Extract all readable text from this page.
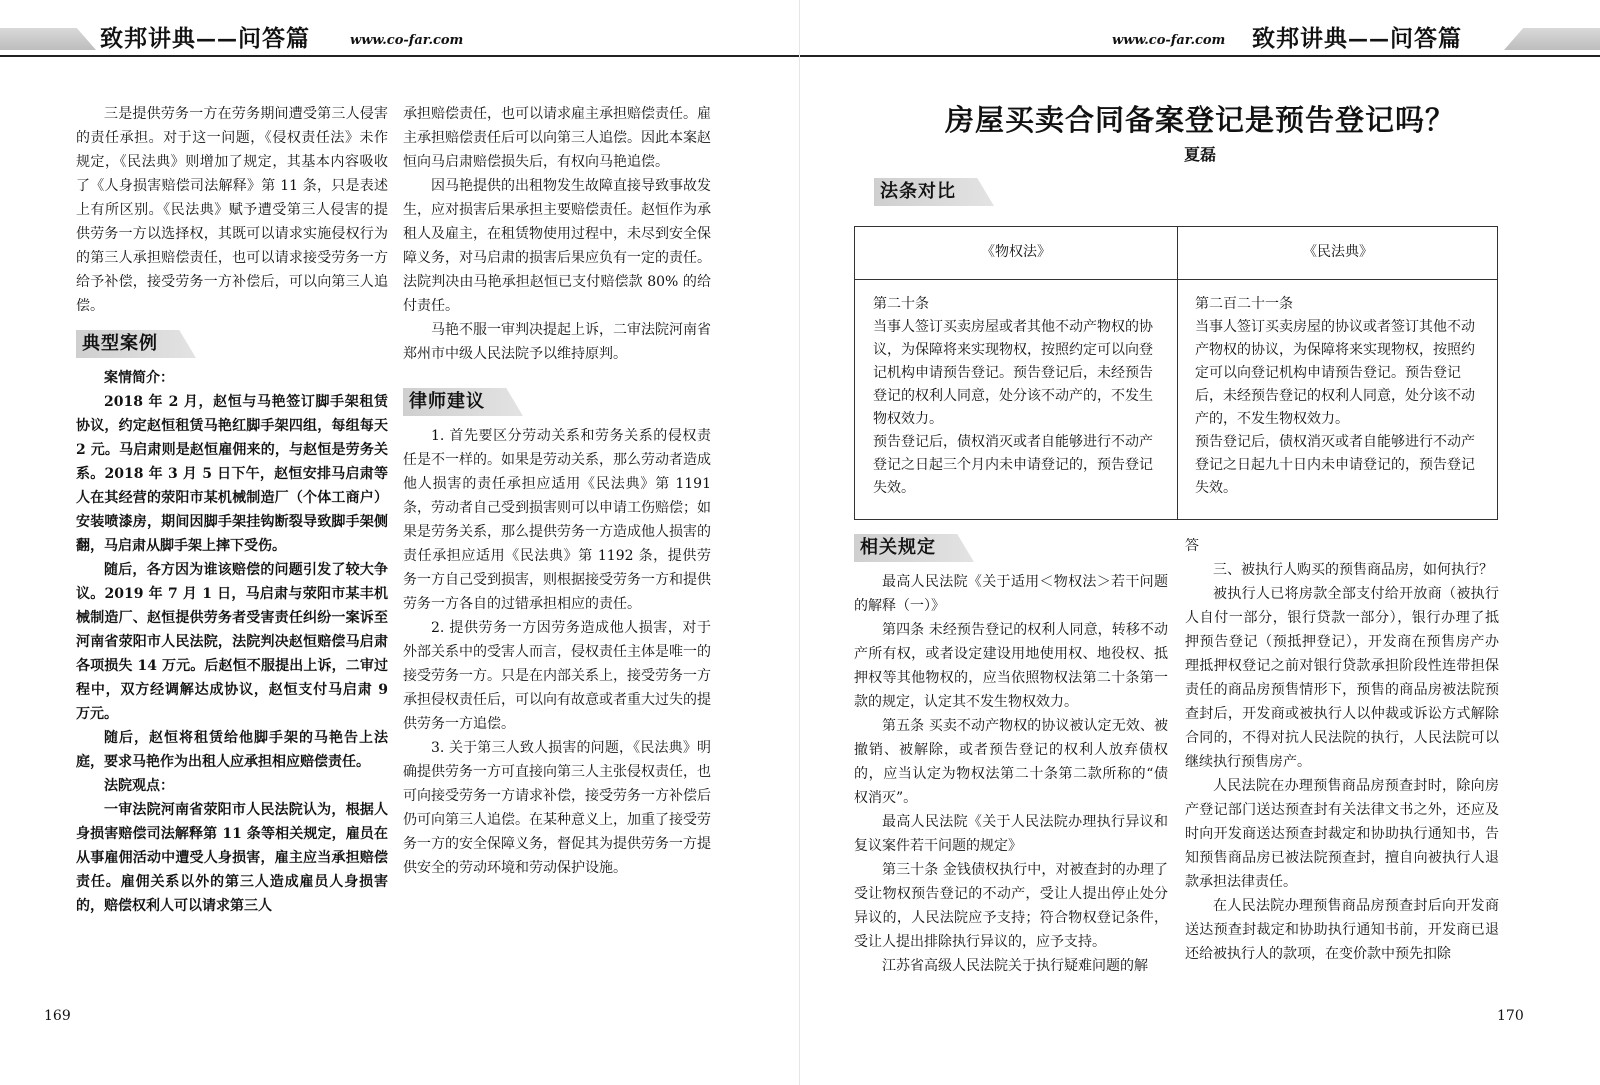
致邦讲典——问答篇	www.co-far.com

三是提供劳务一方在劳务期间遭受第三人侵害的责任承担。对于这一问题，《侵权责任法》未作规定，《民法典》则增加了规定，其基本内容吸收了《人身损害赔偿司法解释》第 11 条，只是表述上有所区别。《民法典》赋予遭受第三人侵害的提供劳务一方以选择权，其既可以请求实施侵权行为的第三人承担赔偿责任，也可以请求接受劳务一方给予补偿，接受劳务一方补偿后，可以向第三人追偿。

典型案例

案情简介：

2018 年 2 月，赵恒与马艳签订脚手架租赁协议，约定赵恒租赁马艳红脚手架四组，每组每天 2 元。马启肃则是赵恒雇佣来的，与赵恒是劳务关系。2018 年 3 月 5 日下午，赵恒安排马启肃等人在其经营的荥阳市某机械制造厂（个体工商户）安装喷漆房，期间因脚手架挂钩断裂导致脚手架侧翻，马启肃从脚手架上摔下受伤。

随后，各方因为谁该赔偿的问题引发了较大争议。2019 年 7 月 1 日，马启肃与荥阳市某丰机械制造厂、赵恒提供劳务者受害责任纠纷一案诉至河南省荥阳市人民法院，法院判决赵恒赔偿马启肃各项损失 14 万元。后赵恒不服提出上诉，二审过程中，双方经调解达成协议，赵恒支付马启肃 9 万元。

随后，赵恒将租赁给他脚手架的马艳告上法庭，要求马艳作为出租人应承担相应赔偿责任。

法院观点：

一审法院河南省荥阳市人民法院认为，根据人身损害赔偿司法解释第 11 条等相关规定，雇员在从事雇佣活动中遭受人身损害，雇主应当承担赔偿责任。雇佣关系以外的第三人造成雇员人身损害的，赔偿权利人可以请求第三人

承担赔偿责任，也可以请求雇主承担赔偿责任。雇主承担赔偿责任后可以向第三人追偿。因此本案赵恒向马启肃赔偿损失后，有权向马艳追偿。

因马艳提供的出租物发生故障直接导致事故发生，应对损害后果承担主要赔偿责任。赵恒作为承租人及雇主，在租赁物使用过程中，未尽到安全保障义务，对马启肃的损害后果应负有一定的责任。法院判决由马艳承担赵恒已支付赔偿款 80% 的给付责任。

马艳不服一审判决提起上诉，二审法院河南省郑州市中级人民法院予以维持原判。

律师建议

1. 首先要区分劳动关系和劳务关系的侵权责任是不一样的。如果是劳动关系，那么劳动者造成他人损害的责任承担应适用《民法典》第 1191 条，劳动者自己受到损害则可以申请工伤赔偿；如果是劳务关系，那么提供劳务一方造成他人损害的责任承担应适用《民法典》第 1192 条，提供劳务一方自己受到损害，则根据接受劳务一方和提供劳务一方各自的过错承担相应的责任。

2. 提供劳务一方因劳务造成他人损害，对于外部关系中的受害人而言，侵权责任主体是唯一的接受劳务一方。只是在内部关系上，接受劳务一方承担侵权责任后，可以向有故意或者重大过失的提供劳务一方追偿。

3. 关于第三人致人损害的问题，《民法典》明确提供劳务一方可直接向第三人主张侵权责任，也可向接受劳务一方请求补偿，接受劳务一方补偿后仍可向第三人追偿。在某种意义上，加重了接受劳务一方的安全保障义务，督促其为提供劳务一方提供安全的劳动环境和劳动保护设施。

169
www.co-far.com 致邦讲典——问答篇
房屋买卖合同备案登记是预告登记吗？
夏磊
法条对比
《物权法》	《民法典》
第二十条
当事人签订买卖房屋或者其他不动产物权的协议，为保障将来实现物权，按照约定可以向登记机构申请预告登记。预告登记后，未经预告登记的权利人同意，处分该不动产的，不发生物权效力。
预告登记后，债权消灭或者自能够进行不动产登记之日起三个月内未申请登记的，预告登记失效。
第二百二十一条
当事人签订买卖房屋的协议或者签订其他不动产物权的协议，为保障将来实现物权，按照约定可以向登记机构申请预告登记。预告登记后，未经预告登记的权利人同意，处分该不动产的，不发生物权效力。
预告登记后，债权消灭或者自能够进行不动产登记之日起九十日内未申请登记的，预告登记失效。
相关规定

最高人民法院《关于适用＜物权法＞若干问题的解释（一）》

第四条 未经预告登记的权利人同意，转移不动产所有权，或者设定建设用地使用权、地役权、抵押权等其他物权的，应当依照物权法第二十条第一款的规定，认定其不发生物权效力。

第五条 买卖不动产物权的协议被认定无效、被撤销、被解除，或者预告登记的权利人放弃债权的，应当认定为物权法第二十条第二款所称的“债权消灭”。

最高人民法院《关于人民法院办理执行异议和复议案件若干问题的规定》

第三十条 金钱债权执行中，对被查封的办理了受让物权预告登记的不动产，受让人提出停止处分异议的，人民法院应予支持；符合物权登记条件，受让人提出排除执行异议的，应予支持。

江苏省高级人民法院关于执行疑难问题的解

答

三、被执行人购买的预售商品房，如何执行？

被执行人已将房款全部支付给开放商（被执行人自付一部分，银行贷款一部分），银行办理了抵押预告登记（预抵押登记），开发商在预售房产办理抵押权登记之前对银行贷款承担阶段性连带担保责任的商品房预售情形下，预售的商品房被法院预查封后，开发商或被执行人以仲裁或诉讼方式解除合同的，不得对抗人民法院的执行，人民法院可以继续执行预售房产。

人民法院在办理预售商品房预查封时，除向房产登记部门送达预查封有关法律文书之外，还应及时向开发商送达预查封裁定和协助执行通知书，告知预售商品房已被法院预查封，擅自向被执行人退款承担法律责任。

在人民法院办理预售商品房预查封后向开发商送达预查封裁定和协助执行通知书前，开发商已退还给被执行人的款项，在变价款中预先扣除

170
